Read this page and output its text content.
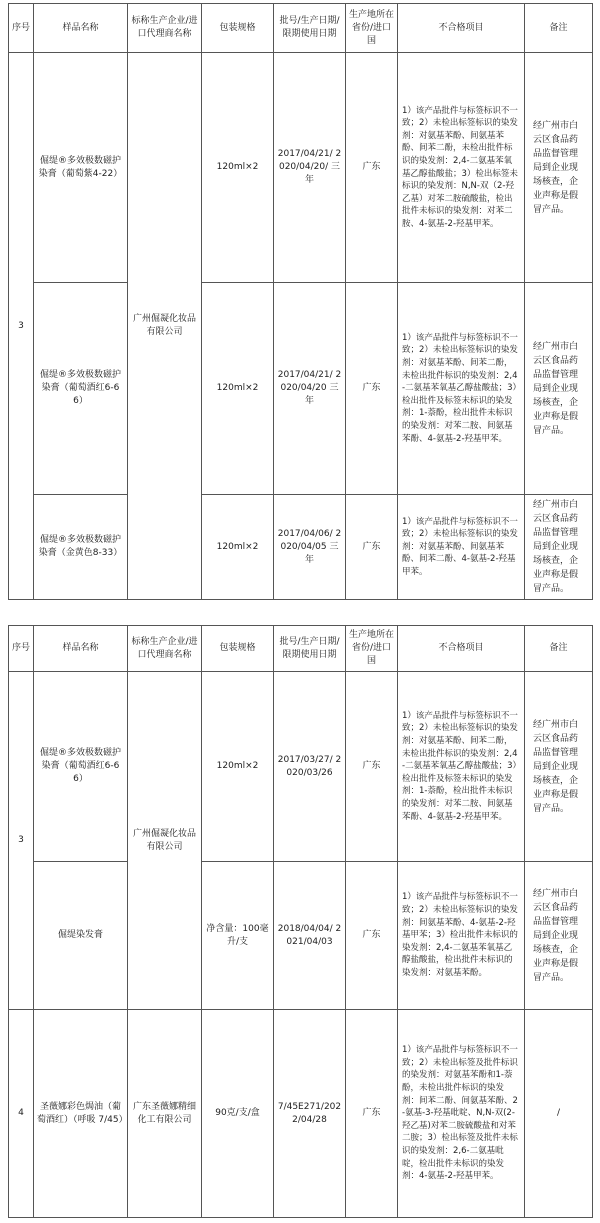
序号	样品名称	标称生产企业/进口代理商名称	包装规格	批号/生产日期/限期使用日期	生产地所在省份/进口国	不合格项目	备注
3	倔缇®多效极数磁护染膏（葡萄紫4-22）	广州倔凝化妆品有限公司	120ml×2	2017/04/21/ 2020/04/20/ 三年	广东	1）该产品批件与标签标识不一致；2）未检出标签标识的染发剂：对氨基苯酚、间氨基苯酚、间苯二酚，未检出批件标识的染发剂：2,4-二氨基苯氧基乙醇盐酸盐；3）检出标签未标识的染发剂：N,N-双（2-羟乙基）对苯二胺硫酸盐，检出批件未标识的染发剂：对苯二胺、4-氨基-2-羟基甲苯。	经广州市白云区食品药品监督管理局到企业现场核查，企业声称是假冒产品。
	倔缇®多效极数磁护染膏（葡萄酒红6-66）		120ml×2	2017/04/21/ 2020/04/20 三年	广东	1）该产品批件与标签标识不一致；2）未检出标签标识的染发剂：对氨基苯酚、间苯二酚，未检出批件标识的染发剂：2,4-二氨基苯氧基乙醇盐酸盐；3）检出批件及标签未标识的染发剂：1-萘酚，检出批件未标识的染发剂：对苯二胺、间氨基苯酚、4-氨基-2-羟基甲苯。	经广州市白云区食品药品监督管理局到企业现场核查，企业声称是假冒产品。
	倔缇®多效极数磁护染膏（金黄色8-33）		120ml×2	2017/04/06/ 2020/04/05 三年	广东	1）该产品批件与标签标识不一致；2）未检出标签标识的染发剂：对氨基苯酚、间氨基苯酚、间苯二酚、4-氨基-2-羟基甲苯。	经广州市白云区食品药品监督管理局到企业现场核查，企业声称是假冒产品。
序号	样品名称	标称生产企业/进口代理商名称	包装规格	批号/生产日期/限期使用日期	生产地所在省份/进口国	不合格项目	备注
3	倔缇®多效极数磁护染膏（葡萄酒红6-66）	广州倔凝化妆品有限公司	120ml×2	2017/03/27/ 2020/03/26	广东	1）该产品批件与标签标识不一致；2）未检出标签标识的染发剂：对氨基苯酚、间苯二酚，未检出批件标识的染发剂：2,4-二氨基苯氧基乙醇盐酸盐；3）检出批件及标签未标识的染发剂：1-萘酚，检出批件未标识的染发剂：对苯二胺、间氨基苯酚、4-氨基-2-羟基甲苯。	经广州市白云区食品药品监督管理局到企业现场核查，企业声称是假冒产品。
	倔缇染发膏		净含量：100毫升/支	2018/04/04/ 2021/04/03	广东	1）该产品批件与标签标识不一致；2）未检出标签标识的染发剂：间氨基苯酚、4-氨基-2-羟基甲苯；3）检出批件未标识的染发剂：2,4-二氨基苯氧基乙醇盐酸盐，检出批件未标识的染发剂：对氨基苯酚。	经广州市白云区食品药品监督管理局到企业现场核查，企业声称是假冒产品。
4	圣薇娜彩色焗油（葡萄酒红）（呼吸 7/45）	广东圣薇娜精细化工有限公司	90克/支/盒	7/45E271/2022/04/28	广东	1）该产品批件与标签标识不一致；2）未检出标签及批件标识的染发剂：对氨基苯酚和1-萘酚，未检出批件标识的染发剂：间苯二酚、间氨基苯酚、2-氨基-3-羟基吡啶、N,N-双(2-羟乙基)对苯二胺硫酸盐和对苯二胺；3）检出标签及批件未标识的染发剂：2,6-二氨基吡啶，检出批件未标识的染发剂：4-氨基-2-羟基甲苯。	/
